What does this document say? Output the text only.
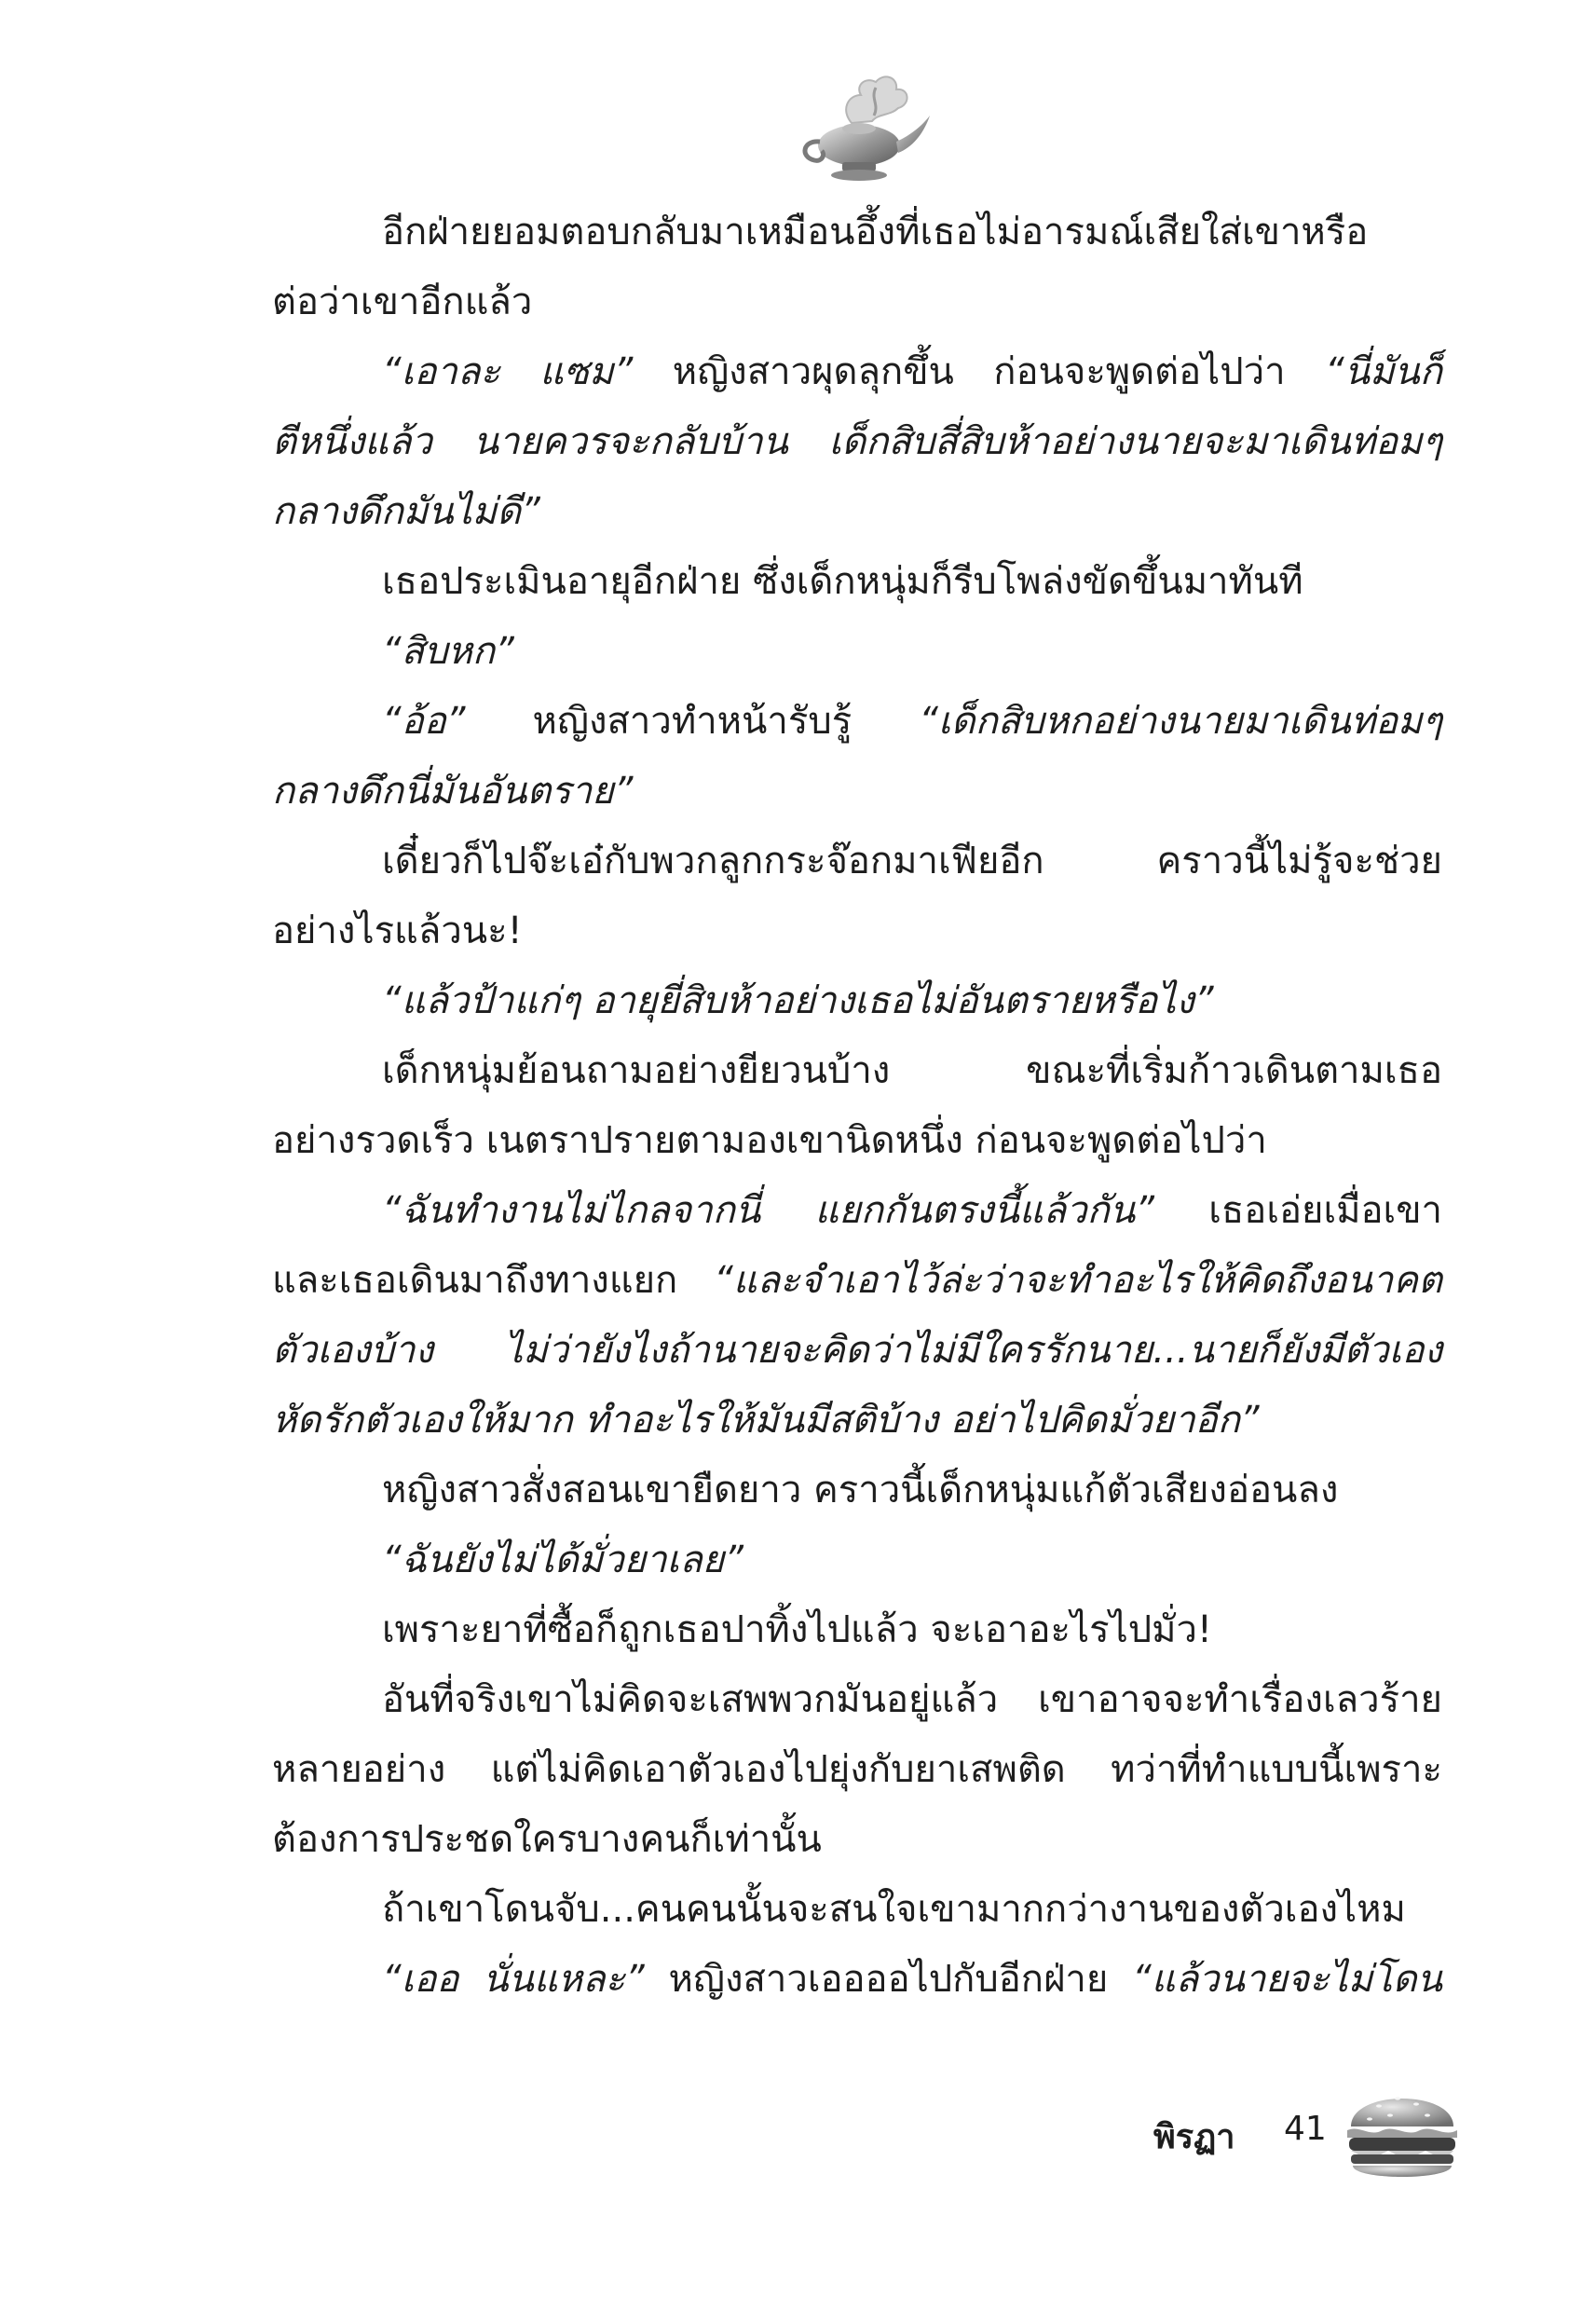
อีกฝ่ายยอมตอบกลับมาเหมือนอึ้งที่เธอไม่อารมณ์เสียใส่เขาหรือ
ต่อว่าเขาอีกแล้ว
“เอาละ แซม” หญิงสาวผุดลุกขึ้น ก่อนจะพูดต่อไปว่า “นี่มันก็
ตีหนึ่งแล้ว นายควรจะกลับบ้าน เด็กสิบสี่สิบห้าอย่างนายจะมาเดินท่อมๆ
กลางดึกมันไม่ดี”
เธอประเมินอายุอีกฝ่าย ซึ่งเด็กหนุ่มก็รีบโพล่งขัดขึ้นมาทันที
“สิบหก”
“อ้อ” หญิงสาวทำหน้ารับรู้ “เด็กสิบหกอย่างนายมาเดินท่อมๆ
กลางดึกนี่มันอันตราย”
เดี๋ยวก็ไปจ๊ะเอ๋กับพวกลูกกระจ๊อกมาเฟียอีก คราวนี้ไม่รู้จะช่วย
อย่างไรแล้วนะ!
“แล้วป้าแก่ๆ อายุยี่สิบห้าอย่างเธอไม่อันตรายหรือไง”
เด็กหนุ่มย้อนถามอย่างยียวนบ้าง ขณะที่เริ่มก้าวเดินตามเธอ
อย่างรวดเร็ว เนตราปรายตามองเขานิดหนึ่ง ก่อนจะพูดต่อไปว่า
“ฉันทำงานไม่ไกลจากนี่ แยกกันตรงนี้แล้วกัน” เธอเอ่ยเมื่อเขา
และเธอเดินมาถึงทางแยก “และจำเอาไว้ล่ะว่าจะทำอะไรให้คิดถึงอนาคต
ตัวเองบ้าง ไม่ว่ายังไงถ้านายจะคิดว่าไม่มีใครรักนาย...นายก็ยังมีตัวเอง
หัดรักตัวเองให้มาก ทำอะไรให้มันมีสติบ้าง อย่าไปคิดมั่วยาอีก”
หญิงสาวสั่งสอนเขายืดยาว คราวนี้เด็กหนุ่มแก้ตัวเสียงอ่อนลง
“ฉันยังไม่ได้มั่วยาเลย”
เพราะยาที่ซื้อก็ถูกเธอปาทิ้งไปแล้ว จะเอาอะไรไปมั่ว!
อันที่จริงเขาไม่คิดจะเสพพวกมันอยู่แล้ว เขาอาจจะทำเรื่องเลวร้าย
หลายอย่าง แต่ไม่คิดเอาตัวเองไปยุ่งกับยาเสพติด ทว่าที่ทำแบบนี้เพราะ
ต้องการประชดใครบางคนก็เท่านั้น
ถ้าเขาโดนจับ...คนคนนั้นจะสนใจเขามากกว่างานของตัวเองไหม
“เออ นั่นแหละ” หญิงสาวเออออไปกับอีกฝ่าย “แล้วนายจะไม่โดน
พิรฏา 41
